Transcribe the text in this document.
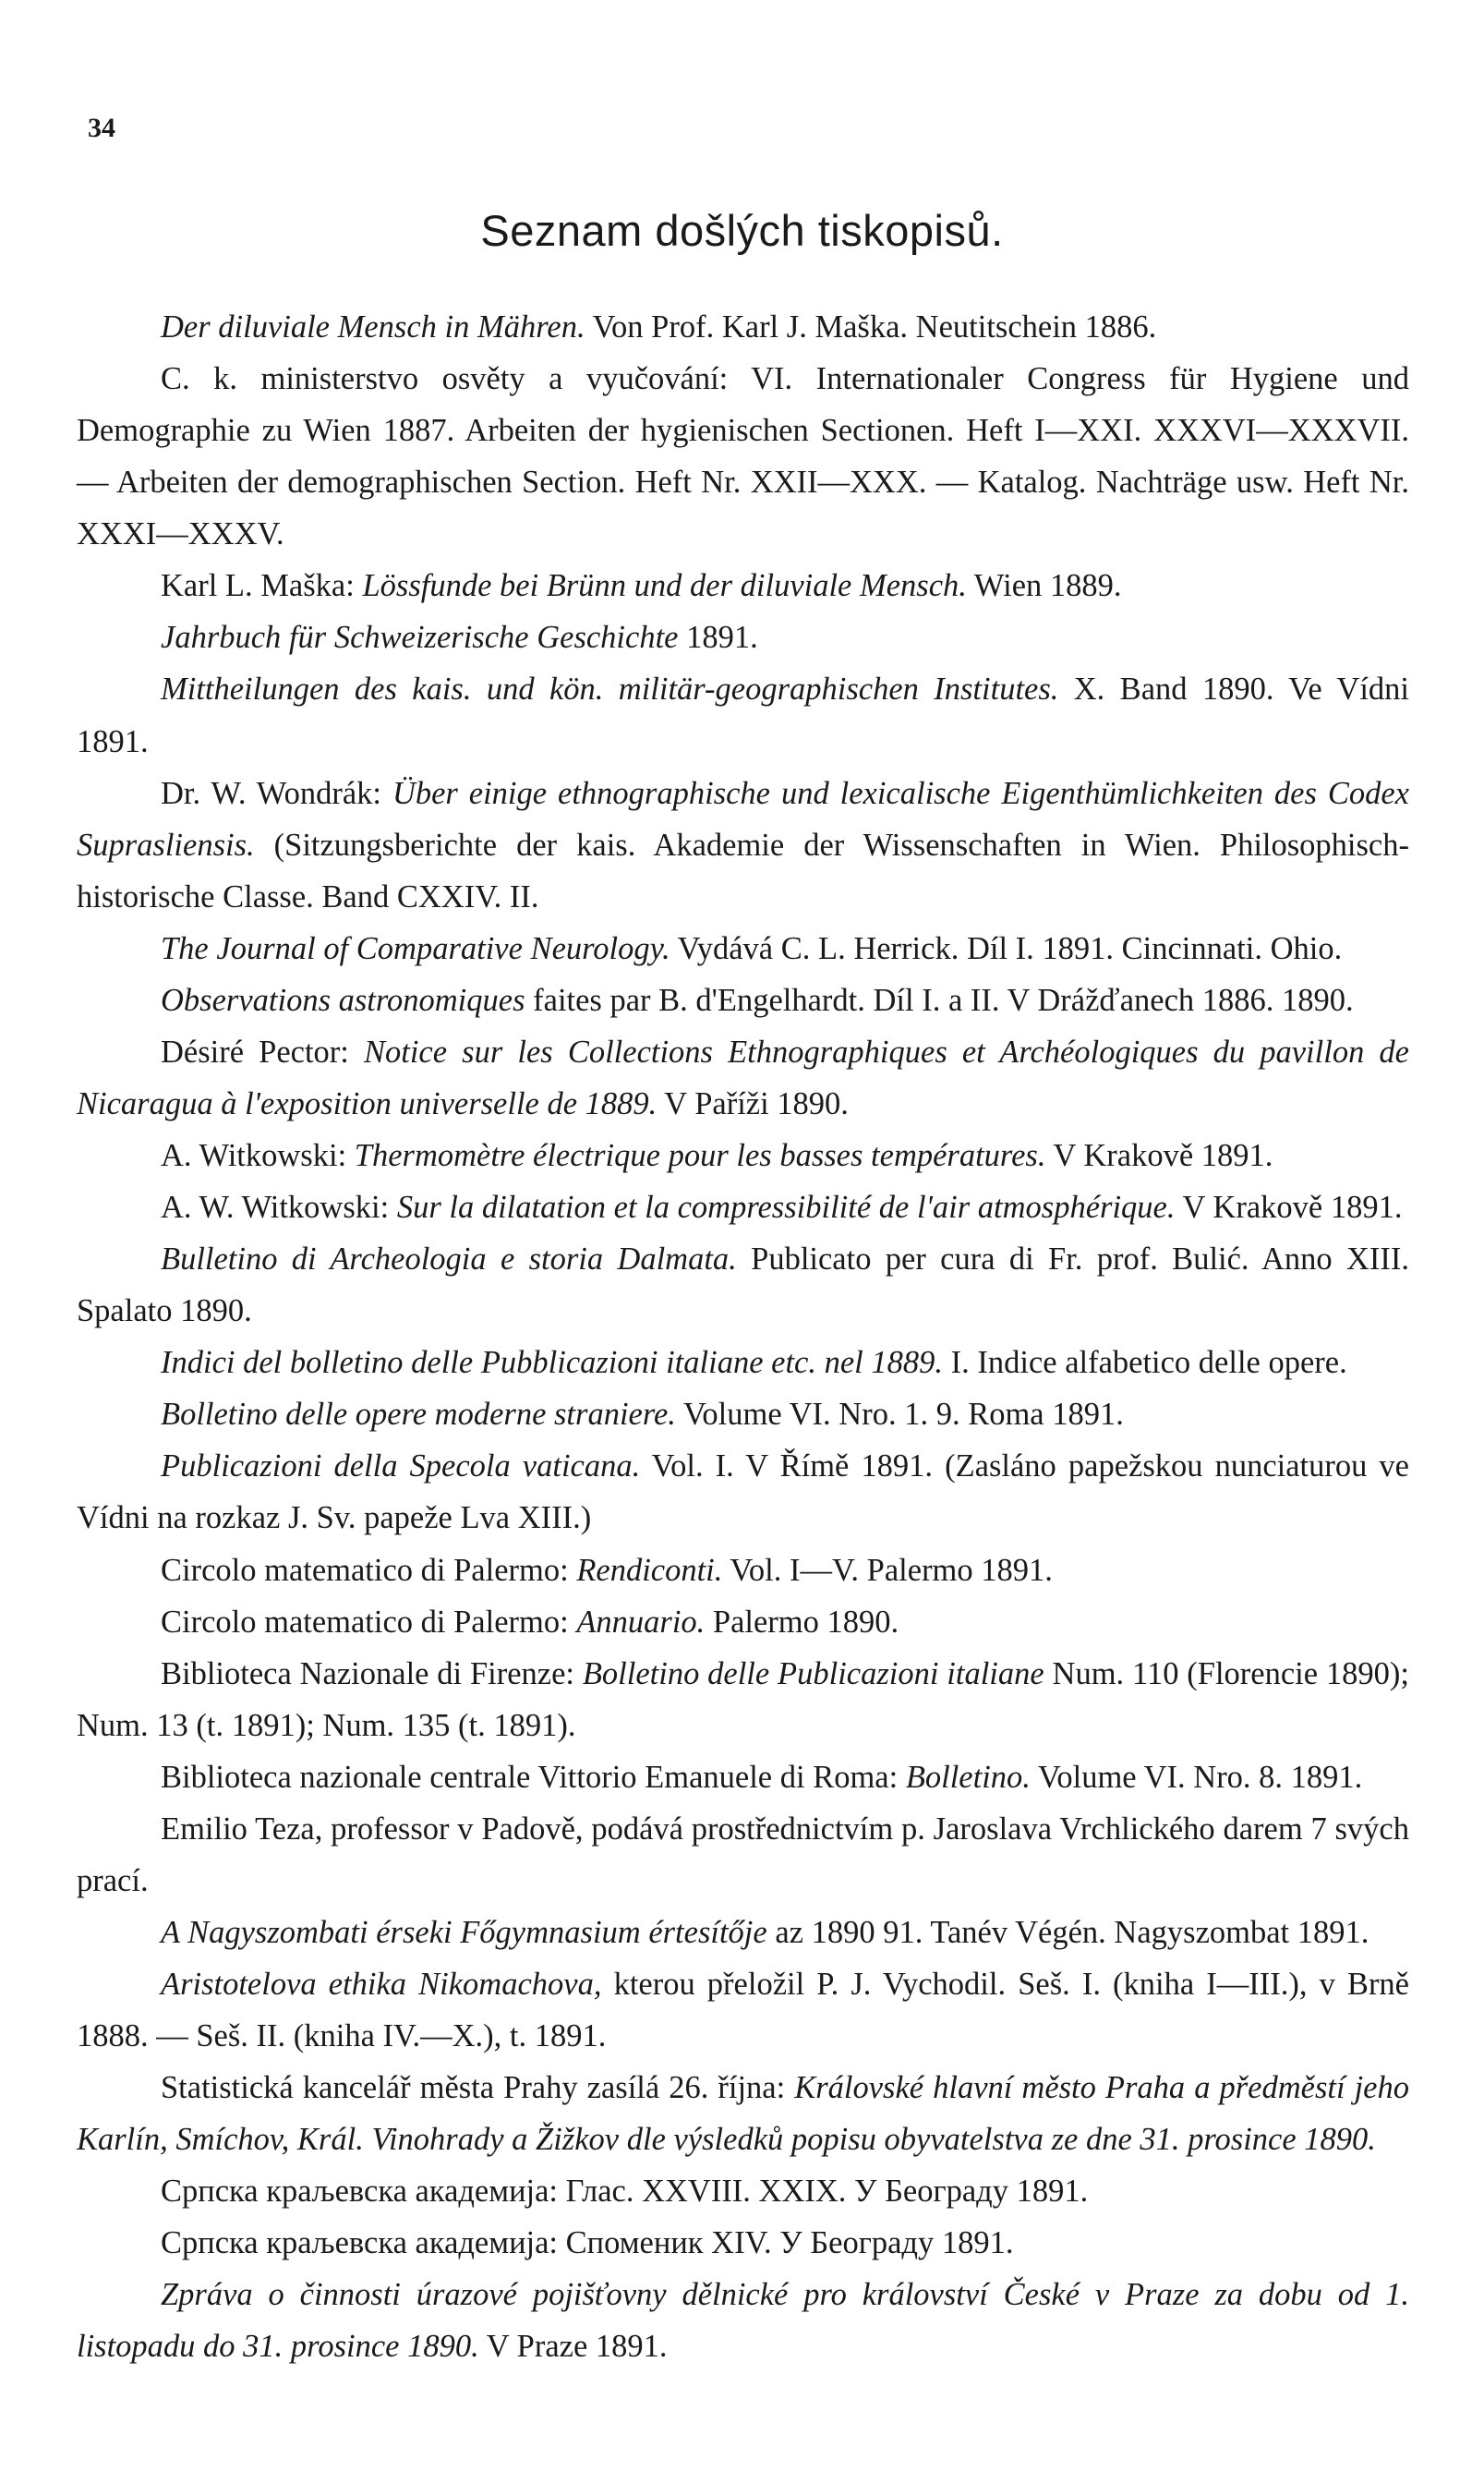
34
Seznam došlých tiskopisů.

Der diluviale Mensch in Mähren. Von Prof. Karl J. Maška. Neutitschein 1886.

C. k. ministerstvo osvěty a vyučování: VI. Internationaler Congress für Hygiene und Demographie zu Wien 1887. Arbeiten der hygienischen Sectionen. Heft I—XXI. XXXVI—XXXVII. — Arbeiten der demographischen Section. Heft Nr. XXII—XXX. — Katalog. Nachträge usw. Heft Nr. XXXI—XXXV.

Karl L. Maška: Lössfunde bei Brünn und der diluviale Mensch. Wien 1889.

Jahrbuch für Schweizerische Geschichte 1891.

Mittheilungen des kais. und kön. militär-geographischen Institutes. X. Band 1890. Ve Vídni 1891.

Dr. W. Wondrák: Über einige ethnographische und lexicalische Eigenthümlichkeiten des Codex Suprasliensis. (Sitzungsberichte der kais. Akademie der Wissenschaften in Wien. Philosophisch-historische Classe. Band CXXIV. II.

The Journal of Comparative Neurology. Vydává C. L. Herrick. Díl I. 1891. Cincinnati. Ohio.

Observations astronomiques faites par B. d'Engelhardt. Díl I. a II. V Drážďanech 1886. 1890.

Désiré Pector: Notice sur les Collections Ethnographiques et Archéologiques du pavillon de Nicaragua à l'exposition universelle de 1889. V Paříži 1890.

A. Witkowski: Thermomètre électrique pour les basses températures. V Krakově 1891.

A. W. Witkowski: Sur la dilatation et la compressibilité de l'air atmosphérique. V Krakově 1891.

Bulletino di Archeologia e storia Dalmata. Publicato per cura di Fr. prof. Bulić. Anno XIII. Spalato 1890.

Indici del bolletino delle Pubblicazioni italiane etc. nel 1889. I. Indice alfabetico delle opere.

Bolletino delle opere moderne straniere. Volume VI. Nro. 1. 9. Roma 1891.

Publicazioni della Specola vaticana. Vol. I. V Římě 1891. (Zasláno papežskou nunciaturou ve Vídni na rozkaz J. Sv. papeže Lva XIII.)

Circolo matematico di Palermo: Rendiconti. Vol. I—V. Palermo 1891.

Circolo matematico di Palermo: Annuario. Palermo 1890.

Biblioteca Nazionale di Firenze: Bolletino delle Publicazioni italiane Num. 110 (Florencie 1890); Num. 13 (t. 1891); Num. 135 (t. 1891).

Biblioteca nazionale centrale Vittorio Emanuele di Roma: Bolletino. Volume VI. Nro. 8. 1891.

Emilio Teza, professor v Padově, podává prostřednictvím p. Jaroslava Vrchlického darem 7 svých prací.

A Nagyszombati érseki Főgymnasium értesítője az 1890 91. Tanév Végén. Nagyszombat 1891.

Aristotelova ethika Nikomachova, kterou přeložil P. J. Vychodil. Seš. I. (kniha I—III.), v Brně 1888. — Seš. II. (kniha IV.—X.), t. 1891.

Statistická kancelář města Prahy zasílá 26. října: Královské hlavní město Praha a předměstí jeho Karlín, Smíchov, Král. Vinohrady a Žižkov dle výsledků popisu obyvatelstva ze dne 31. prosince 1890.

Српска краљевска академија: Глас. XXVIII. XXIX. У Београду 1891.

Српска краљевска академија: Споменик XIV. У Београду 1891.

Zpráva o činnosti úrazové pojišťovny dělnické pro království České v Praze za dobu od 1. listopadu do 31. prosince 1890. V Praze 1891.
